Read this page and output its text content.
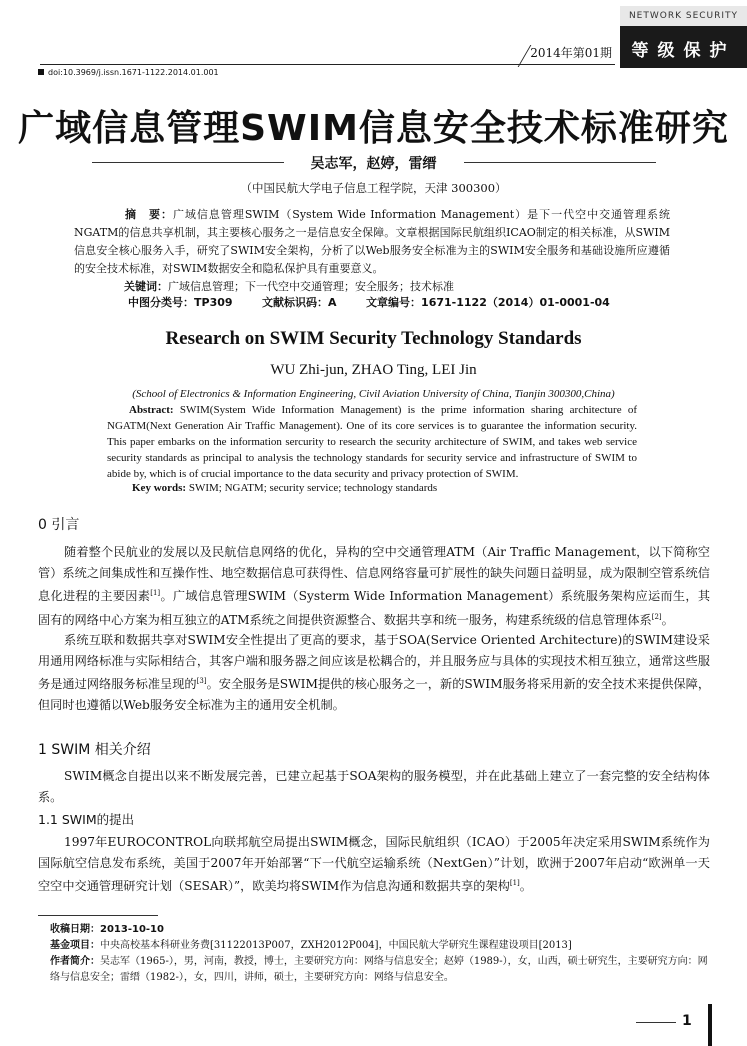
NETWORK SECURITY
等级保护
2014年第01期
doi:10.3969/j.issn.1671-1122.2014.01.001
广域信息管理SWIM信息安全技术标准研究
吴志军，赵婷，雷缙
（中国民航大学电子信息工程学院，天津 300300）
摘　要：广域信息管理SWIM（System Wide Information Management）是下一代空中交通管理系统NGATM的信息共享机制，其主要核心服务之一是信息安全保障。文章根据国际民航组织ICAO制定的相关标准，从SWIM信息安全核心服务入手，研究了SWIM安全架构，分析了以Web服务安全标准为主的SWIM安全服务和基础设施所应遵循的安全技术标准，对SWIM数据安全和隐私保护具有重要意义。
关键词：广域信息管理；下一代空中交通管理；安全服务；技术标准
中图分类号：TP309	文献标识码：A	文章编号：1671-1122（2014）01-0001-04
Research on SWIM Security Technology Standards
WU Zhi-jun, ZHAO Ting, LEI Jin
(School of Electronics & Information Engineering, Civil Aviation University of China, Tianjin 300300,China)
Abstract: SWIM(System Wide Information Management) is the prime information sharing architecture of NGATM(Next Generation Air Traffic Management). One of its core services is to guarantee the information security. This paper embarks on the information sercurity to research the security architecture of SWIM, and takes web service security standards as principal to analysis the technology standards for security service and infrastructure of SWIM to abide by, which is of crucial importance to the data security and privacy protection of SWIM.
Key words: SWIM; NGATM; security service; technology standards
0 引言

随着整个民航业的发展以及民航信息网络的优化，异构的空中交通管理ATM（Air Traffic Management，以下简称空管）系统之间集成性和互操作性、地空数据信息可获得性、信息网络容量可扩展性的缺失问题日益明显，成为限制空管系统信息化进程的主要因素[1]。广域信息管理SWIM（Systerm Wide Information Management）系统服务架构应运而生，其固有的网络中心方案为相互独立的ATM系统之间提供资源整合、数据共享和统一服务，构建系统级的信息管理体系[2]。

系统互联和数据共享对SWIM安全性提出了更高的要求，基于SOA(Service Oriented Architecture)的SWIM建设采用通用网络标准与实际相结合，其客户端和服务器之间应该是松耦合的，并且服务应与具体的实现技术相互独立，通常这些服务是通过网络服务标准呈现的[3]。安全服务是SWIM提供的核心服务之一，新的SWIM服务将采用新的安全技术来提供保障，但同时也遵循以Web服务安全标准为主的通用安全机制。

1 SWIM 相关介绍

SWIM概念自提出以来不断发展完善，已建立起基于SOA架构的服务模型，并在此基础上建立了一套完整的安全结构体系。

1.1 SWIM的提出

1997年EUROCONTROL向联邦航空局提出SWIM概念，国际民航组织（ICAO）于2005年决定采用SWIM系统作为国际航空信息发布系统，美国于2007年开始部署“下一代航空运输系统（NextGen）”计划，欧洲于2007年启动“欧洲单一天空空中交通管理研究计划（SESAR）”，欧美均将SWIM作为信息沟通和数据共享的架构[1]。

收稿日期：2013-10-10

基金项目：中央高校基本科研业务费[31122013P007，ZXH2012P004]，中国民航大学研究生课程建设项目[2013]

作者简介：吴志军（1965-），男，河南，教授，博士，主要研究方向：网络与信息安全；赵婷（1989-），女，山西，硕士研究生，主要研究方向：网络与信息安全；雷缙（1982-），女，四川，讲师，硕士，主要研究方向：网络与信息安全。

1
